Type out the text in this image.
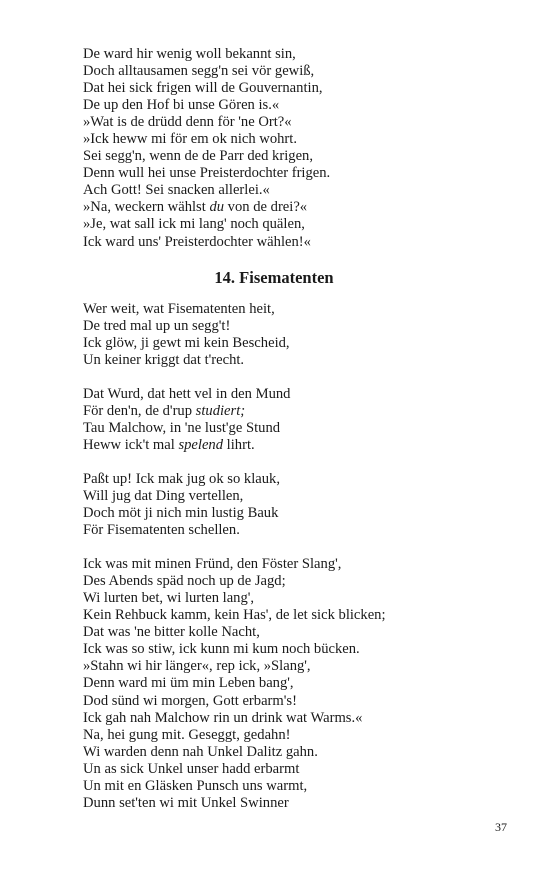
De ward hir wenig woll bekannt sin,
Doch alltausamen segg'n sei vör gewiß,
Dat hei sick frigen will de Gouvernantin,
De up den Hof bi unse Gören is.«
»Wat is de drüdd denn för 'ne Ort?«
»Ick heww mi för em ok nich wohrt.
Sei segg'n, wenn de de Parr ded krigen,
Denn wull hei unse Preisterdochter frigen.
Ach Gott! Sei snacken allerlei.«
»Na, weckern wählst du von de drei?«
»Je, wat sall ick mi lang' noch quälen,
Ick ward uns' Preisterdochter wählen!«
14. Fisematenten
Wer weit, wat Fisematenten heit,
De tred mal up un segg't!
Ick glöw, ji gewt mi kein Bescheid,
Un keiner kriggt dat t'recht.
Dat Wurd, dat hett vel in den Mund
För den'n, de d'rup studiert;
Tau Malchow, in 'ne lust'ge Stund
Heww ick't mal spelend lihrt.
Paßt up! Ick mak jug ok so klauk,
Will jug dat Ding vertellen,
Doch möt ji nich min lustig Bauk
För Fisematenten schellen.
Ick was mit minen Fründ, den Föster Slang',
Des Abends späd noch up de Jagd;
Wi lurten bet, wi lurten lang',
Kein Rehbuck kamm, kein Has', de let sick blicken;
Dat was 'ne bitter kolle Nacht,
Ick was so stiw, ick kunn mi kum noch bücken.
»Stahn wi hir länger«, rep ick, »Slang',
Denn ward mi üm min Leben bang',
Dod sünd wi morgen, Gott erbarm's!
Ick gah nah Malchow rin un drink wat Warms.«
Na, hei gung mit. Geseggt, gedahn!
Wi warden denn nah Unkel Dalitz gahn.
Un as sick Unkel unser hadd erbarmt
Un mit en Gläsken Punsch uns warmt,
Dunn set'ten wi mit Unkel Swinner
37
